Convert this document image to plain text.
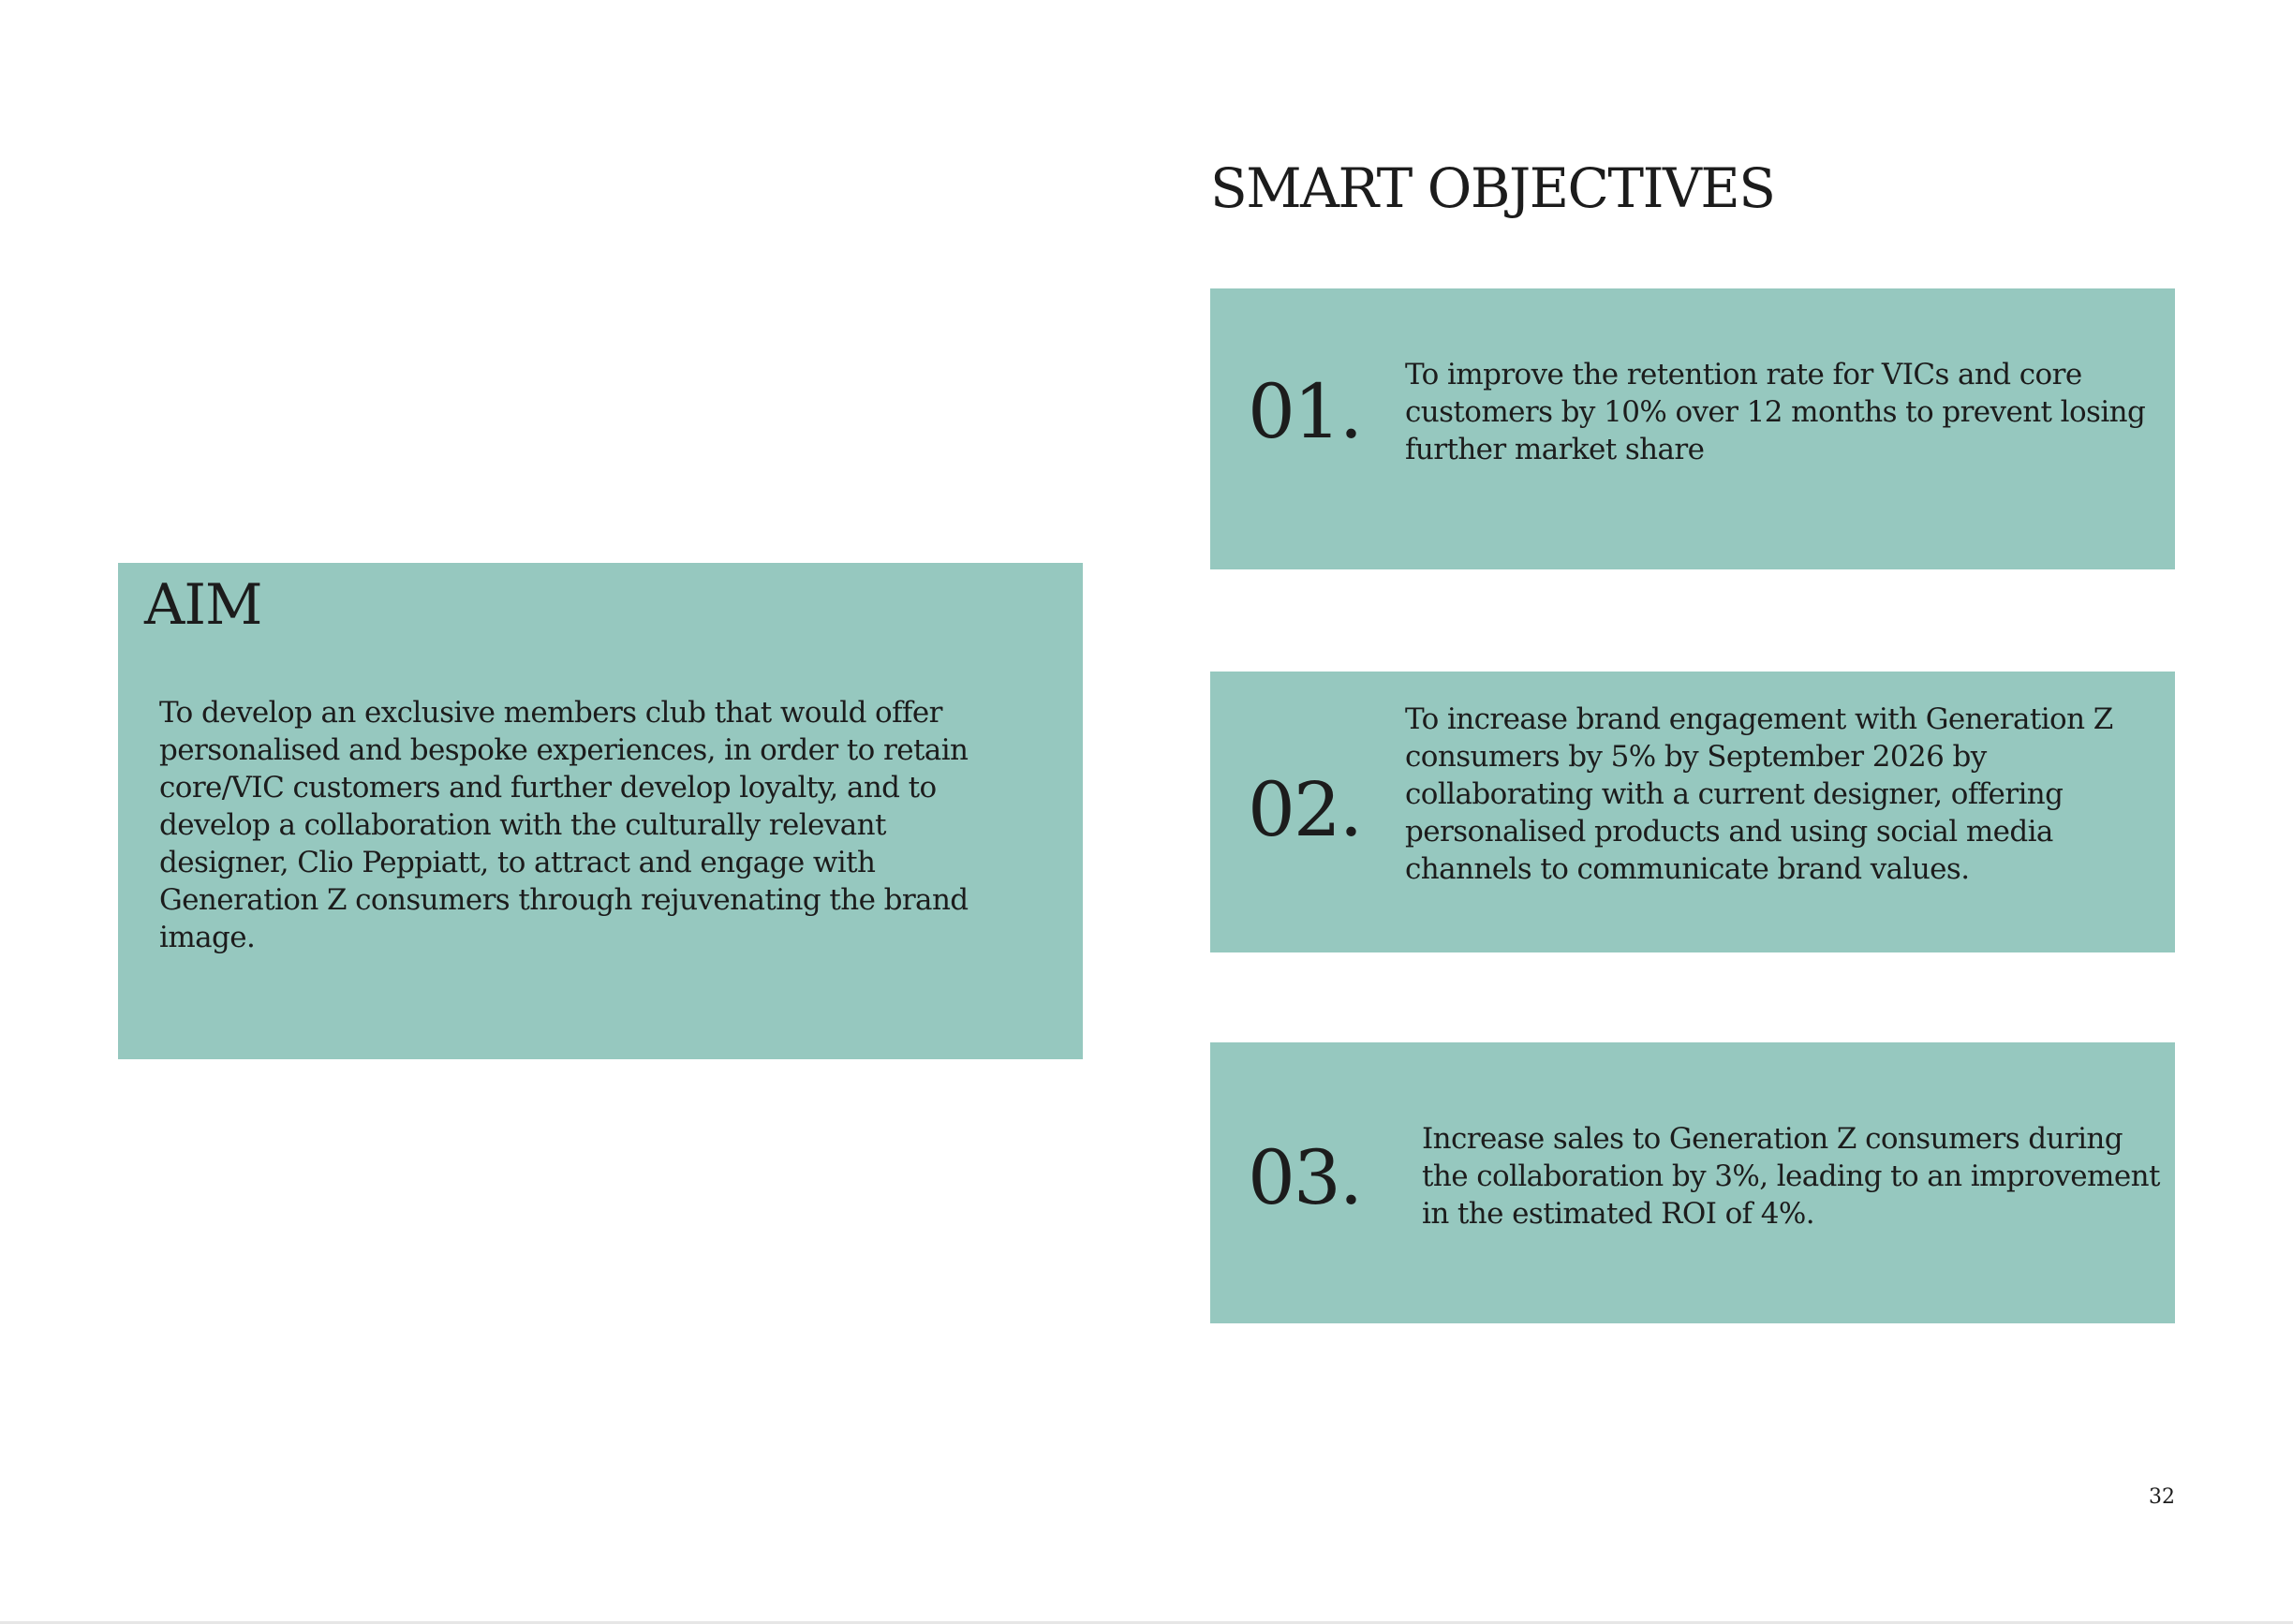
AIM

To develop an exclusive members club that would offer personalised and bespoke experiences, in order to retain core/VIC customers and further develop loyalty, and to develop a collaboration with the culturally relevant designer, Clio Peppiatt, to attract and engage with Generation Z consumers through rejuvenating the brand image.

SMART OBJECTIVES
01. To improve the retention rate for VICs and core customers by 10% over 12 months to prevent losing further market share

02.

To increase brand engagement with Generation Z consumers by 5% by September 2026 by collaborating with a current designer, offering personalised products and using social media channels to communicate brand values.

03. Increase sales to Generation Z consumers during the collaboration by 3%, leading to an improvement in the estimated ROI of 4%.

32
